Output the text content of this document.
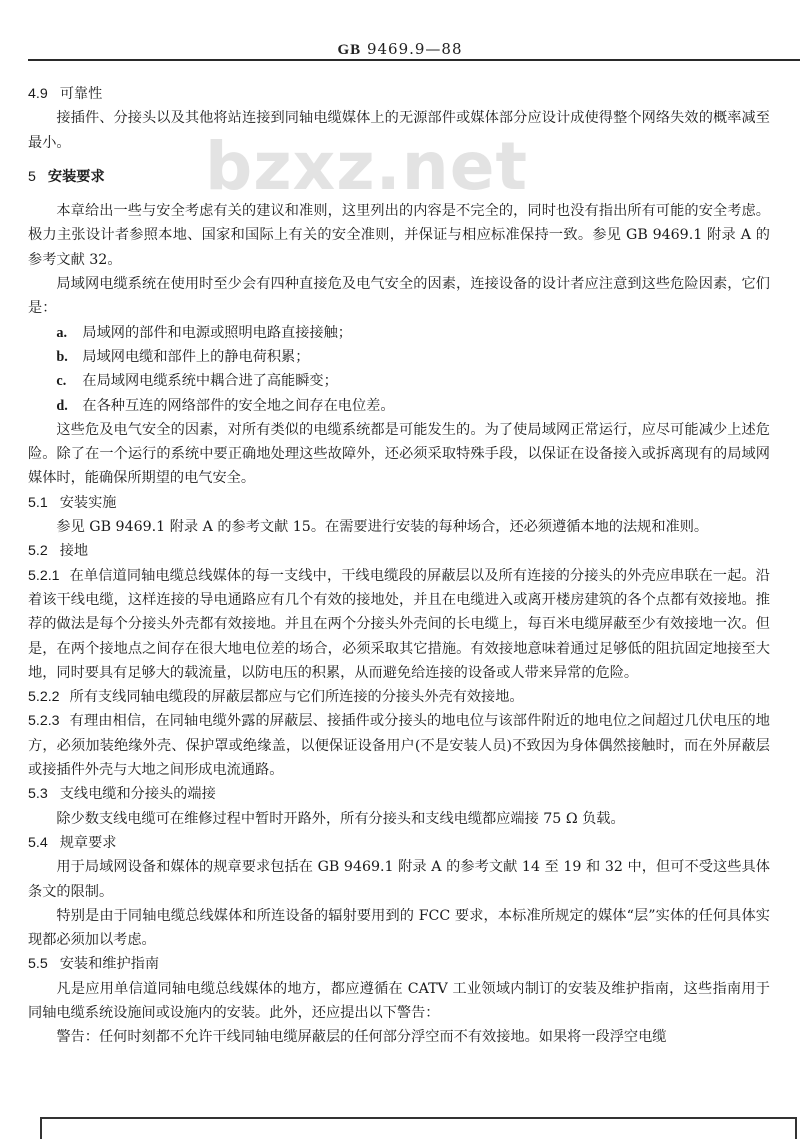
GB 9469.9—88
bzxz.net

4.9 可靠性

接插件、分接头以及其他将站连接到同轴电缆媒体上的无源部件或媒体部分应设计成使得整个网络失效的概率减至最小。

5 安装要求

本章给出一些与安全考虑有关的建议和准则，这里列出的内容是不完全的，同时也没有指出所有可能的安全考虑。极力主张设计者参照本地、国家和国际上有关的安全准则，并保证与相应标准保持一致。参见 GB 9469.1 附录 A 的参考文献 32。

局域网电缆系统在使用时至少会有四种直接危及电气安全的因素，连接设备的设计者应注意到这些危险因素，它们是：

a. 局域网的部件和电源或照明电路直接接触；

b. 局域网电缆和部件上的静电荷积累；

c. 在局域网电缆系统中耦合进了高能瞬变；

d. 在各种互连的网络部件的安全地之间存在电位差。

这些危及电气安全的因素，对所有类似的电缆系统都是可能发生的。为了使局域网正常运行，应尽可能减少上述危险。除了在一个运行的系统中要正确地处理这些故障外，还必须采取特殊手段，以保证在设备接入或拆离现有的局域网媒体时，能确保所期望的电气安全。

5.1 安装实施

参见 GB 9469.1 附录 A 的参考文献 15。在需要进行安装的每种场合，还必须遵循本地的法规和准则。

5.2 接地

5.2.1 在单信道同轴电缆总线媒体的每一支线中，干线电缆段的屏蔽层以及所有连接的分接头的外壳应串联在一起。沿着该干线电缆，这样连接的导电通路应有几个有效的接地处，并且在电缆进入或离开楼房建筑的各个点都有效接地。推荐的做法是每个分接头外壳都有效接地。并且在两个分接头外壳间的长电缆上，每百米电缆屏蔽至少有效接地一次。但是，在两个接地点之间存在很大地电位差的场合，必须采取其它措施。有效接地意味着通过足够低的阻抗固定地接至大地，同时要具有足够大的载流量，以防电压的积累，从而避免给连接的设备或人带来异常的危险。

5.2.2 所有支线同轴电缆段的屏蔽层都应与它们所连接的分接头外壳有效接地。

5.2.3 有理由相信，在同轴电缆外露的屏蔽层、接插件或分接头的地电位与该部件附近的地电位之间超过几伏电压的地方，必须加装绝缘外壳、保护罩或绝缘盖，以便保证设备用户(不是安装人员)不致因为身体偶然接触时，而在外屏蔽层或接插件外壳与大地之间形成电流通路。

5.3 支线电缆和分接头的端接

除少数支线电缆可在维修过程中暂时开路外，所有分接头和支线电缆都应端接 75 Ω 负载。

5.4 规章要求

用于局域网设备和媒体的规章要求包括在 GB 9469.1 附录 A 的参考文献 14 至 19 和 32 中，但可不受这些具体条文的限制。

特别是由于同轴电缆总线媒体和所连设备的辐射要用到的 FCC 要求，本标准所规定的媒体“层”实体的任何具体实现都必须加以考虑。

5.5 安装和维护指南

凡是应用单信道同轴电缆总线媒体的地方，都应遵循在 CATV 工业领域内制订的安装及维护指南，这些指南用于同轴电缆系统设施间或设施内的安装。此外，还应提出以下警告：

警告：任何时刻都不允许干线同轴电缆屏蔽层的任何部分浮空而不有效接地。如果将一段浮空电缆
